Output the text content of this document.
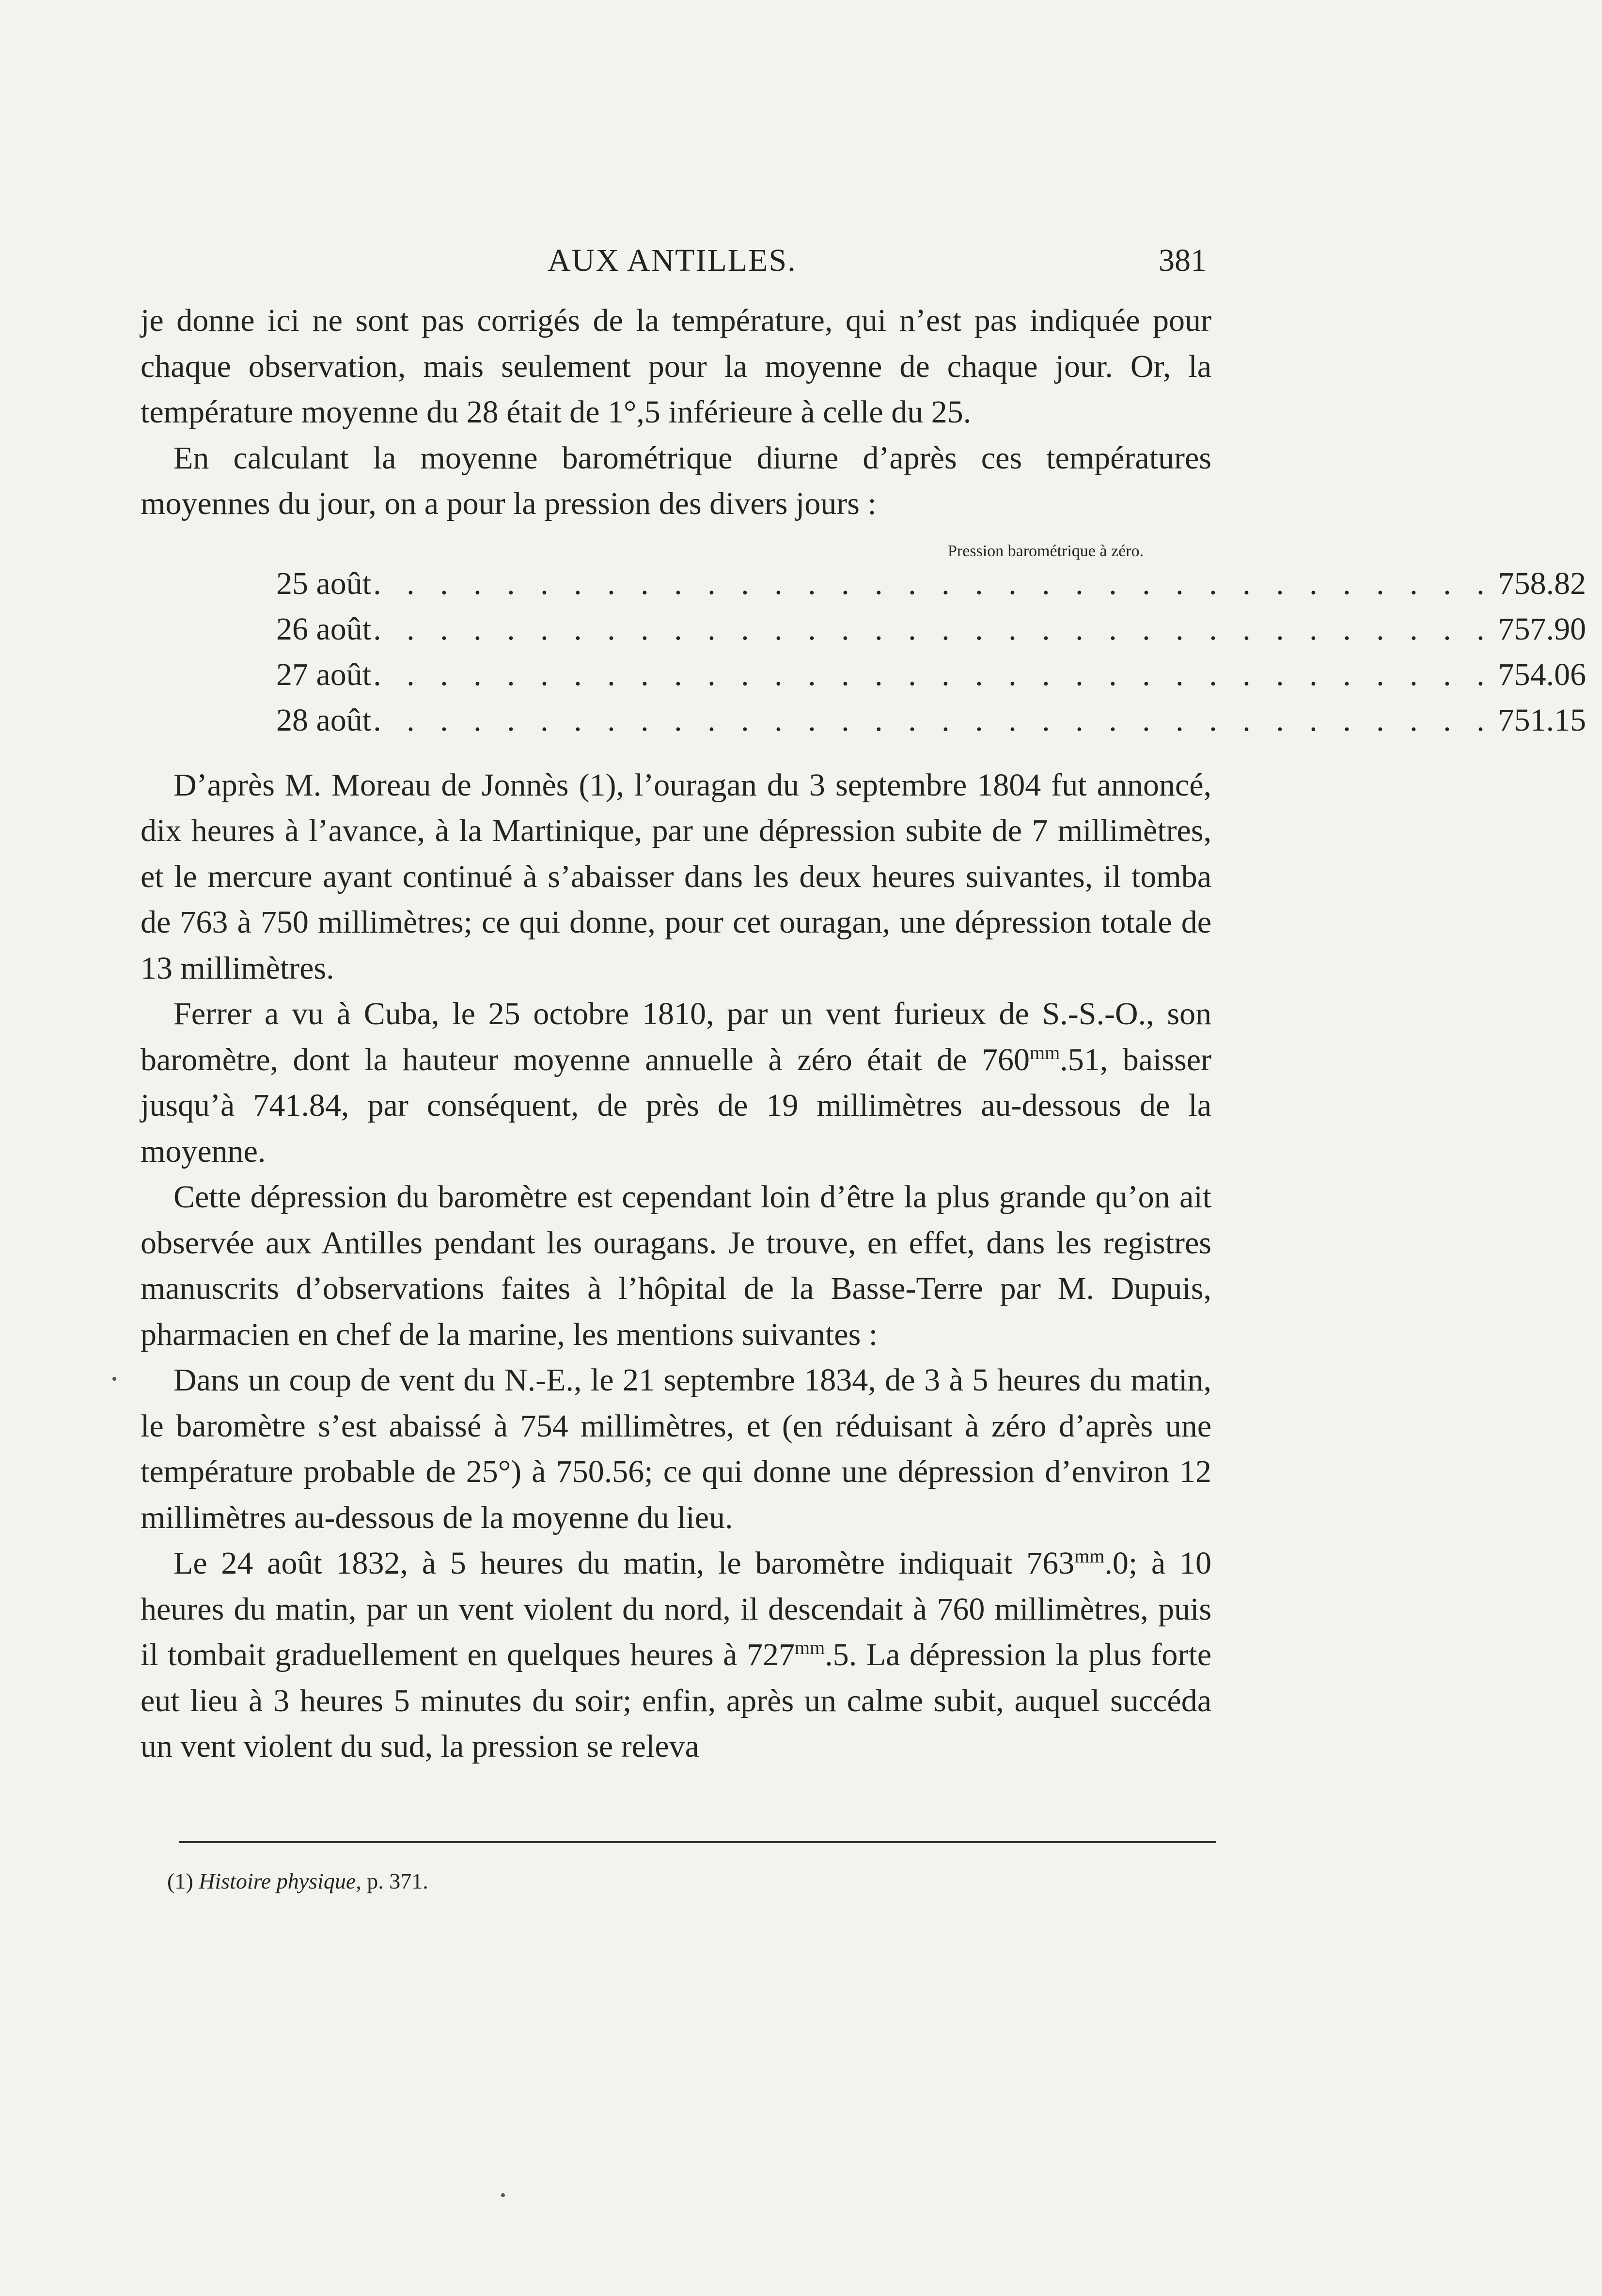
AUX ANTILLES.	381

je donne ici ne sont pas corrigés de la température, qui n’est pas indiquée pour chaque observation, mais seulement pour la moyenne de chaque jour. Or, la température moyenne du 28 était de 1°,5 inférieure à celle du 25.

En calculant la moyenne barométrique diurne d’après ces températures moyennes du jour, on a pour la pression des divers jours :

Pression barométrique à zéro.
25 août . . . . . . . . . . . . . . . . . . . . . . . . . . . . . . . . . . 758.82
26 août . . . . . . . . . . . . . . . . . . . . . . . . . . . . . . . . . . 757.90
27 août . . . . . . . . . . . . . . . . . . . . . . . . . . . . . . . . . . 754.06
28 août . . . . . . . . . . . . . . . . . . . . . . . . . . . . . . . . . . 751.15

D’après M. Moreau de Jonnès (1), l’ouragan du 3 septembre 1804 fut annoncé, dix heures à l’avance, à la Martinique, par une dépression subite de 7 millimètres, et le mercure ayant continué à s’abaisser dans les deux heures suivantes, il tomba de 763 à 750 millimètres; ce qui donne, pour cet ouragan, une dépression totale de 13 millimètres.

Ferrer a vu à Cuba, le 25 octobre 1810, par un vent furieux de S.-S.-O., son baromètre, dont la hauteur moyenne annuelle à zéro était de $760^{mm}.51$, baisser jusqu’à 741.84, par conséquent, de près de 19 millimètres au-dessous de la moyenne.

Cette dépression du baromètre est cependant loin d’être la plus grande qu’on ait observée aux Antilles pendant les ouragans. Je trouve, en effet, dans les registres manuscrits d’observations faites à l’hôpital de la Basse-Terre par M. Dupuis, pharmacien en chef de la marine, les mentions suivantes :

Dans un coup de vent du N.-E., le 21 septembre 1834, de 3 à 5 heures du matin, le baromètre s’est abaissé à 754 millimètres, et (en réduisant à zéro d’après une température probable de 25°) à 750.56; ce qui donne une dépression d’environ 12 millimètres au-dessous de la moyenne du lieu.

Le 24 août 1832, à 5 heures du matin, le baromètre indiquait $763^{mm}.0$; à 10 heures du matin, par un vent violent du nord, il descendait à 760 millimètres, puis il tombait graduellement en quelques heures à $727^{mm}.5$. La dépression la plus forte eut lieu à 3 heures 5 minutes du soir; enfin, après un calme subit, auquel succéda un vent violent du sud, la pression se releva

(1) Histoire physique, p. 371.
